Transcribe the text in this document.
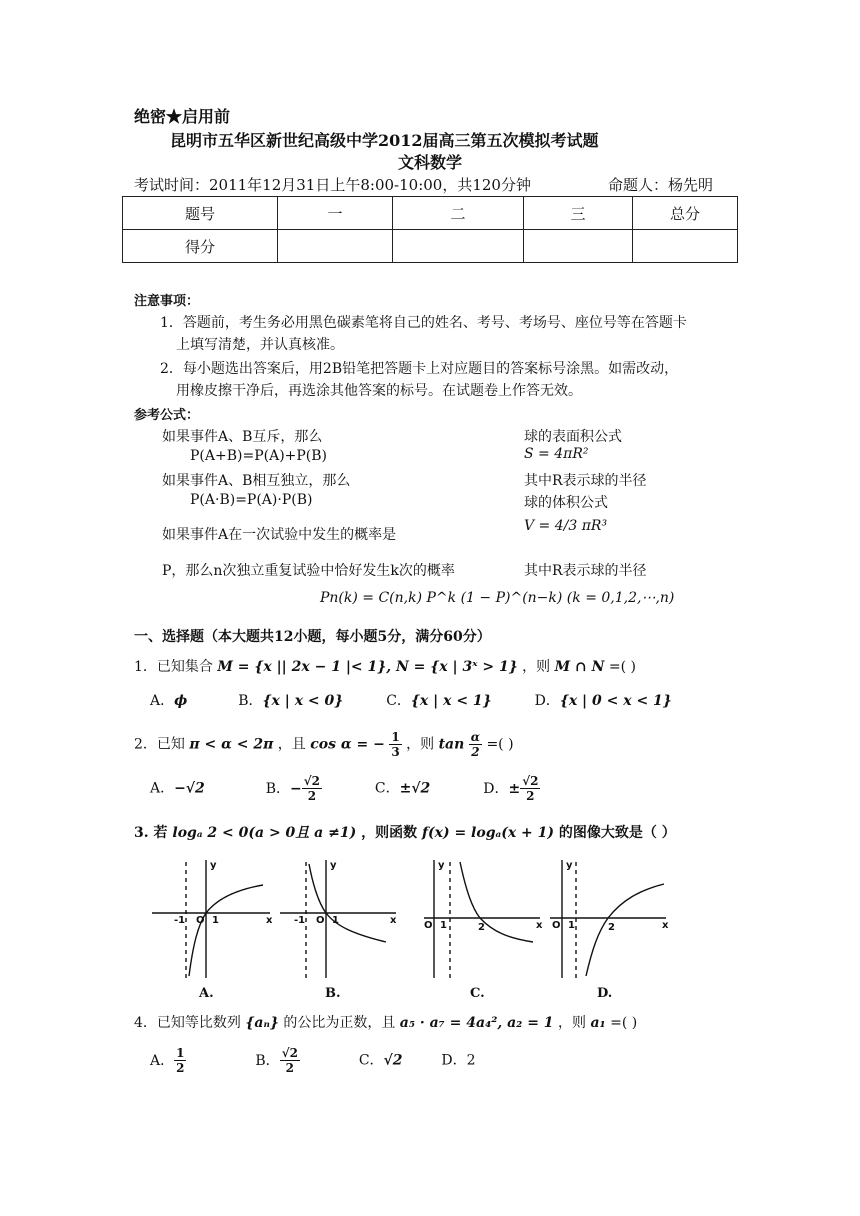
绝密★启用前
昆明市五华区新世纪高级中学2012届高三第五次模拟考试题
文科数学
考试时间：2011年12月31日上午8:00-10:00，共120分钟	命题人：杨先明
题号	一	二	三	总分
得分				
注意事项：
1．答题前，考生务必用黑色碳素笔将自己的姓名、考号、考场号、座位号等在答题卡
上填写清楚，并认真核准。
2．每小题选出答案后，用2B铅笔把答题卡上对应题目的答案标号涂黑。如需改动，
用橡皮擦干净后，再选涂其他答案的标号。在试题卷上作答无效。
参考公式：
如果事件A、B互斥，那么
P(A+B)=P(A)+P(B)
如果事件A、B相互独立，那么
P(A·B)=P(A)·P(B)
如果事件A在一次试验中发生的概率是
P，那么n次独立重复试验中恰好发生k次的概率
球的表面积公式
S = 4πR²
其中R表示球的半径
球的体积公式
V = 4/3 πR³
其中R表示球的半径
Pn(k) = C(n,k) P^k (1 − P)^(n−k) (k = 0,1,2,⋯,n)
一、选择题（本大题共12小题，每小题5分，满分60分）
1．已知集合 M = {x || 2x − 1 |< 1}, N = {x | 3ˣ > 1} ，则 M ∩ N =( )
A．ϕ	B．{x | x < 0}	C．{x | x < 1}	D．{x | 0 < x < 1}
2．已知 π < α < 2π ，且 cos α = − $\frac{1}{3}$ ，则 $\tan \frac{\alpha}{2}$ =( )
A．−√2	B．− $\frac{√2}{2}$	C．±√2	D．± $\frac{√2}{2}$
3. 若 logₐ 2 < 0(a > 0且 a ≠1) ，则函数 f(x) = logₐ(x + 1) 的图像大致是（ ）
-1 O 1	x
y
-1 O 1	x
y
O 1	2	x
y
O 1	2	x
y
A.	B.	C.	D.
4．已知等比数列 {aₙ} 的公比为正数，且 a₅ · a₇ = 4a₄², a₂ = 1 ，则 a₁ =( )
A． $\frac{1}{2}$	B． $\frac{√2}{2}$	C．√2	D．2
